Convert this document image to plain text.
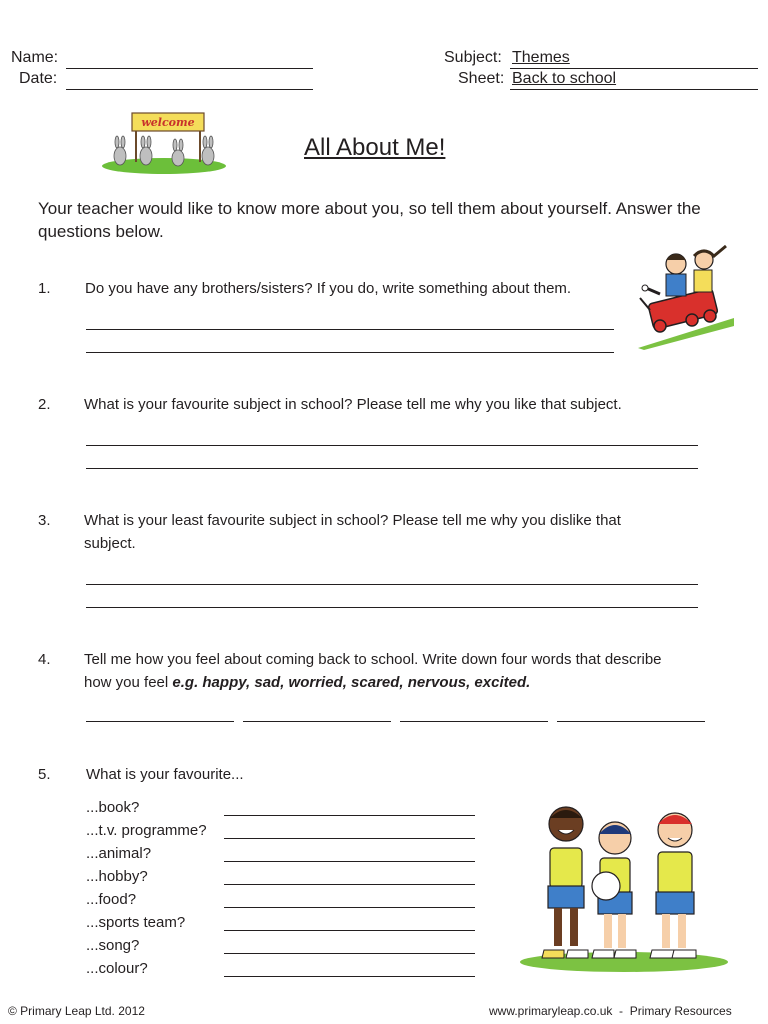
Name:
Date:
Subject: Themes
Sheet: Back to school
welcome
All About Me!
Your teacher would like to know more about you, so tell them about yourself. Answer the questions below.
1. Do you have any brothers/sisters? If you do, write something about them.
2. What is your favourite subject in school? Please tell me why you like that subject.
3. What is your least favourite subject in school? Please tell me why you dislike that subject.
4. Tell me how you feel about coming back to school. Write down four words that describe how you feel e.g. happy, sad, worried, scared, nervous, excited.
5. What is your favourite...
...book?
...t.v. programme?
...animal?
...hobby?
...food?
...sports team?
...song?
...colour?
© Primary Leap Ltd. 2012	www.primaryleap.co.uk  -  Primary Resources
